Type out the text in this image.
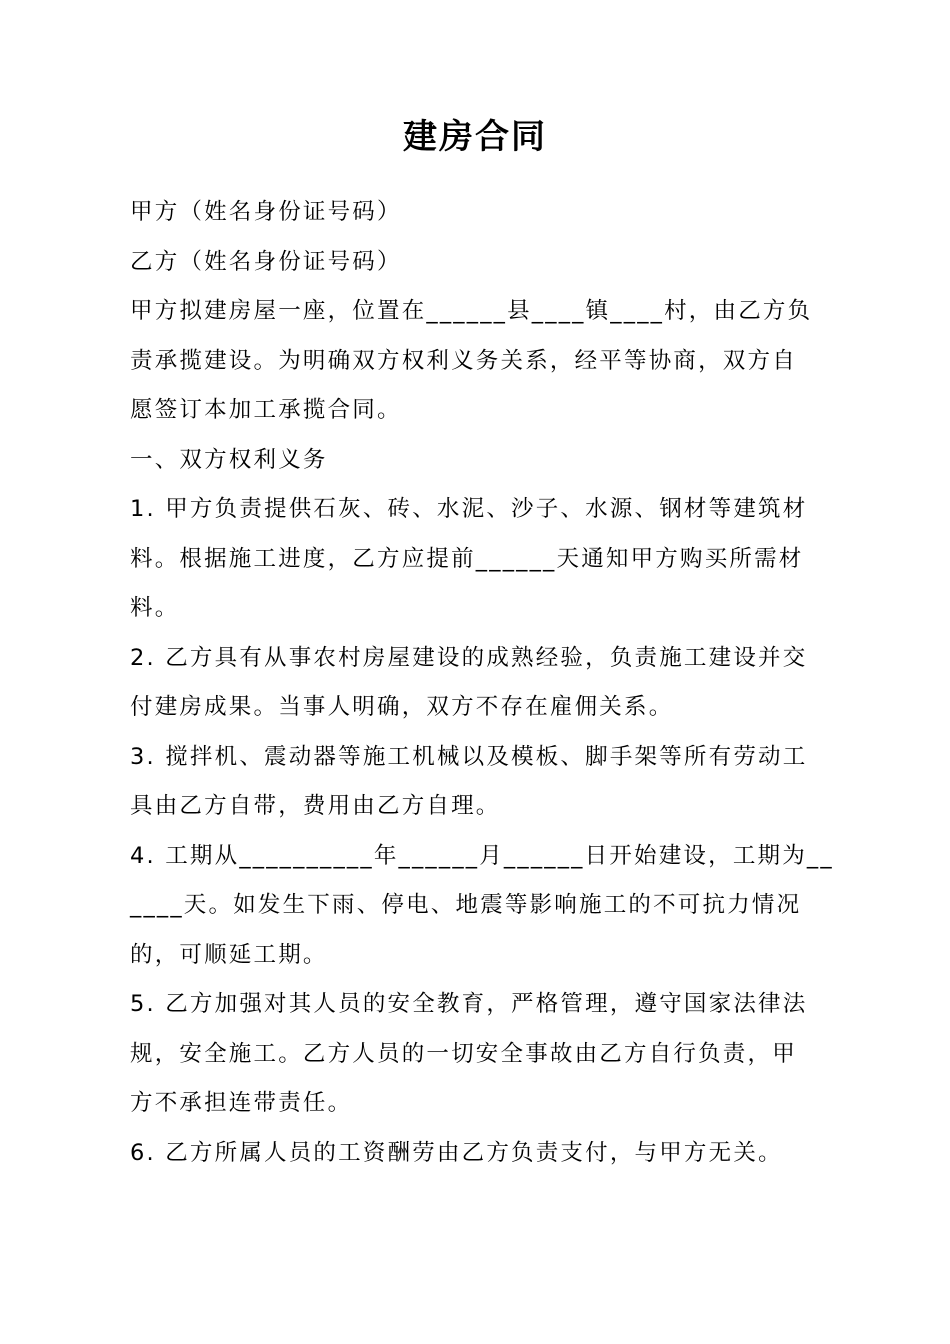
建房合同
甲方（姓名身份证号码）
乙方（姓名身份证号码）
甲方拟建房屋一座，位置在______县____镇____村，由乙方负
责承揽建设。为明确双方权利义务关系，经平等协商，双方自
愿签订本加工承揽合同。
一、双方权利义务
1. 甲方负责提供石灰、砖、水泥、沙子、水源、钢材等建筑材
料。根据施工进度，乙方应提前______天通知甲方购买所需材
料。
2. 乙方具有从事农村房屋建设的成熟经验，负责施工建设并交
付建房成果。当事人明确，双方不存在雇佣关系。
3. 搅拌机、震动器等施工机械以及模板、脚手架等所有劳动工
具由乙方自带，费用由乙方自理。
4. 工期从__________年______月______日开始建设，工期为__
____天。如发生下雨、停电、地震等影响施工的不可抗力情况
的，可顺延工期。
5. 乙方加强对其人员的安全教育，严格管理，遵守国家法律法
规，安全施工。乙方人员的一切安全事故由乙方自行负责，甲
方不承担连带责任。
6. 乙方所属人员的工资酬劳由乙方负责支付，与甲方无关。
